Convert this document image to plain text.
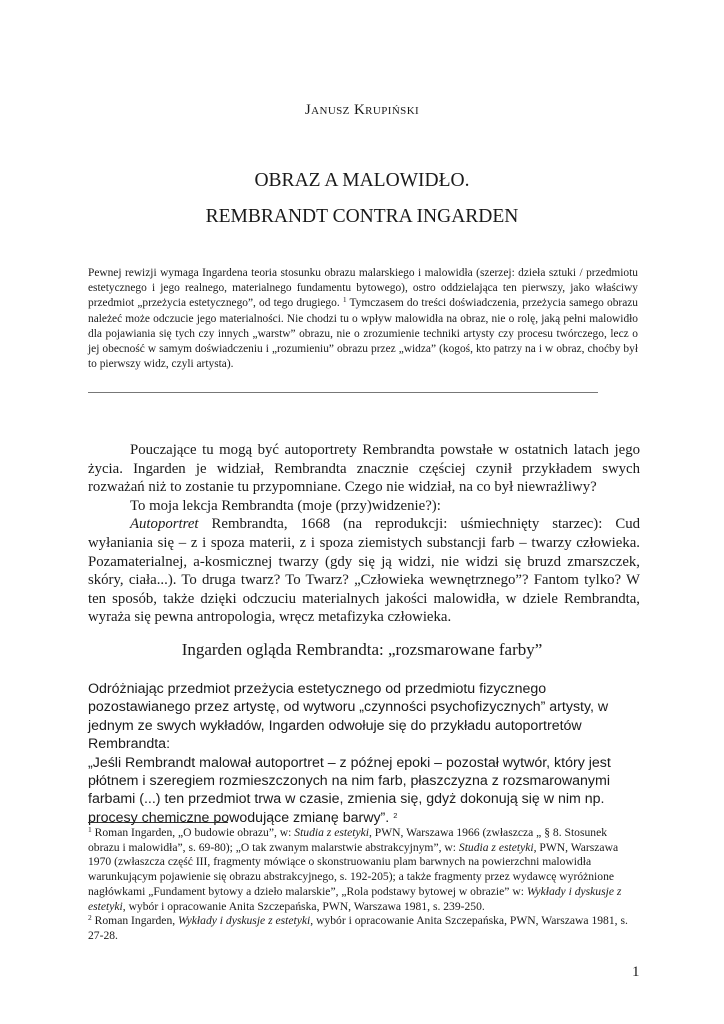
Janusz Krupiński
OBRAZ A MALOWIDŁO.
REMBRANDT CONTRA INGARDEN
Pewnej rewizji wymaga Ingardena teoria stosunku obrazu malarskiego i malowidła (szerzej: dzieła sztuki / przedmiotu estetycznego i jego realnego, materialnego fundamentu bytowego), ostro oddzielająca ten pierwszy, jako właściwy przedmiot „przeżycia estetycznego”, od tego drugiego. $^1$ Tymczasem do treści doświadczenia, przeżycia samego obrazu należeć może odczucie jego materialności. Nie chodzi tu o wpływ malowidła na obraz, nie o rolę, jaką pełni malowidło dla pojawiania się tych czy innych „warstw” obrazu, nie o zrozumienie techniki artysty czy procesu twórczego, lecz o jej obecność w samym doświadczeniu i „rozumieniu” obrazu przez „widza” (kogoś, kto patrzy na i w obraz, choćby był to pierwszy widz, czyli artysta).

Pouczające tu mogą być autoportrety Rembrandta powstałe w ostatnich latach jego życia. Ingarden je widział, Rembrandta znacznie częściej czynił przykładem swych rozważań niż to zostanie tu przypomniane. Czego nie widział, na co był niewrażliwy?

To moja lekcja Rembrandta (moje (przy)widzenie?):

Autoportret Rembrandta, 1668 (na reprodukcji: uśmiechnięty starzec): Cud wyłaniania się – z i spoza materii, z i spoza ziemistych substancji farb – twarzy człowieka. Pozamaterialnej, a-kosmicznej twarzy (gdy się ją widzi, nie widzi się bruzd zmarszczek, skóry, ciała...). To druga twarz? To Twarz? „Człowieka wewnętrznego”? Fantom tylko? W ten sposób, także dzięki odczuciu materialnych jakości malowidła, w dziele Rembrandta, wyraża się pewna antropologia, wręcz metafizyka człowieka.

Ingarden ogląda Rembrandta: „rozsmarowane farby”

Odróżniając przedmiot przeżycia estetycznego od przedmiotu fizycznego pozostawianego przez artystę, od wytworu „czynności psychofizycznych” artysty, w jednym ze swych wykładów, Ingarden odwołuje się do przykładu autoportretów Rembrandta:

„Jeśli Rembrandt malował autoportret – z późnej epoki – pozostał wytwór, który jest płótnem i szeregiem rozmieszczonych na nim farb, płaszczyzna z rozsmarowanymi farbami (...) ten przedmiot trwa w czasie, zmienia się, gdyż dokonują się w nim np. procesy chemiczne powodujące zmianę barwy”. $^2$

$^1$ Roman Ingarden, „O budowie obrazu”, w: Studia z estetyki, PWN, Warszawa 1966 (zwłaszcza „ § 8. Stosunek obrazu i malowidła”, s. 69-80); „O tak zwanym malarstwie abstrakcyjnym”, w: Studia z estetyki, PWN, Warszawa 1970 (zwłaszcza część III, fragmenty mówiące o skonstruowaniu plam barwnych na powierzchni malowidła warunkującym pojawienie się obrazu abstrakcyjnego, s. 192-205); a także fragmenty przez wydawcę wyróżnione nagłówkami „Fundament bytowy a dzieło malarskie”, „Rola podstawy bytowej w obrazie” w: Wykłady i dyskusje z estetyki, wybór i opracowanie Anita Szczepańska, PWN, Warszawa 1981, s. 239-250.

$^2$ Roman Ingarden, Wykłady i dyskusje z estetyki, wybór i opracowanie Anita Szczepańska, PWN, Warszawa 1981, s. 27-28.

1
